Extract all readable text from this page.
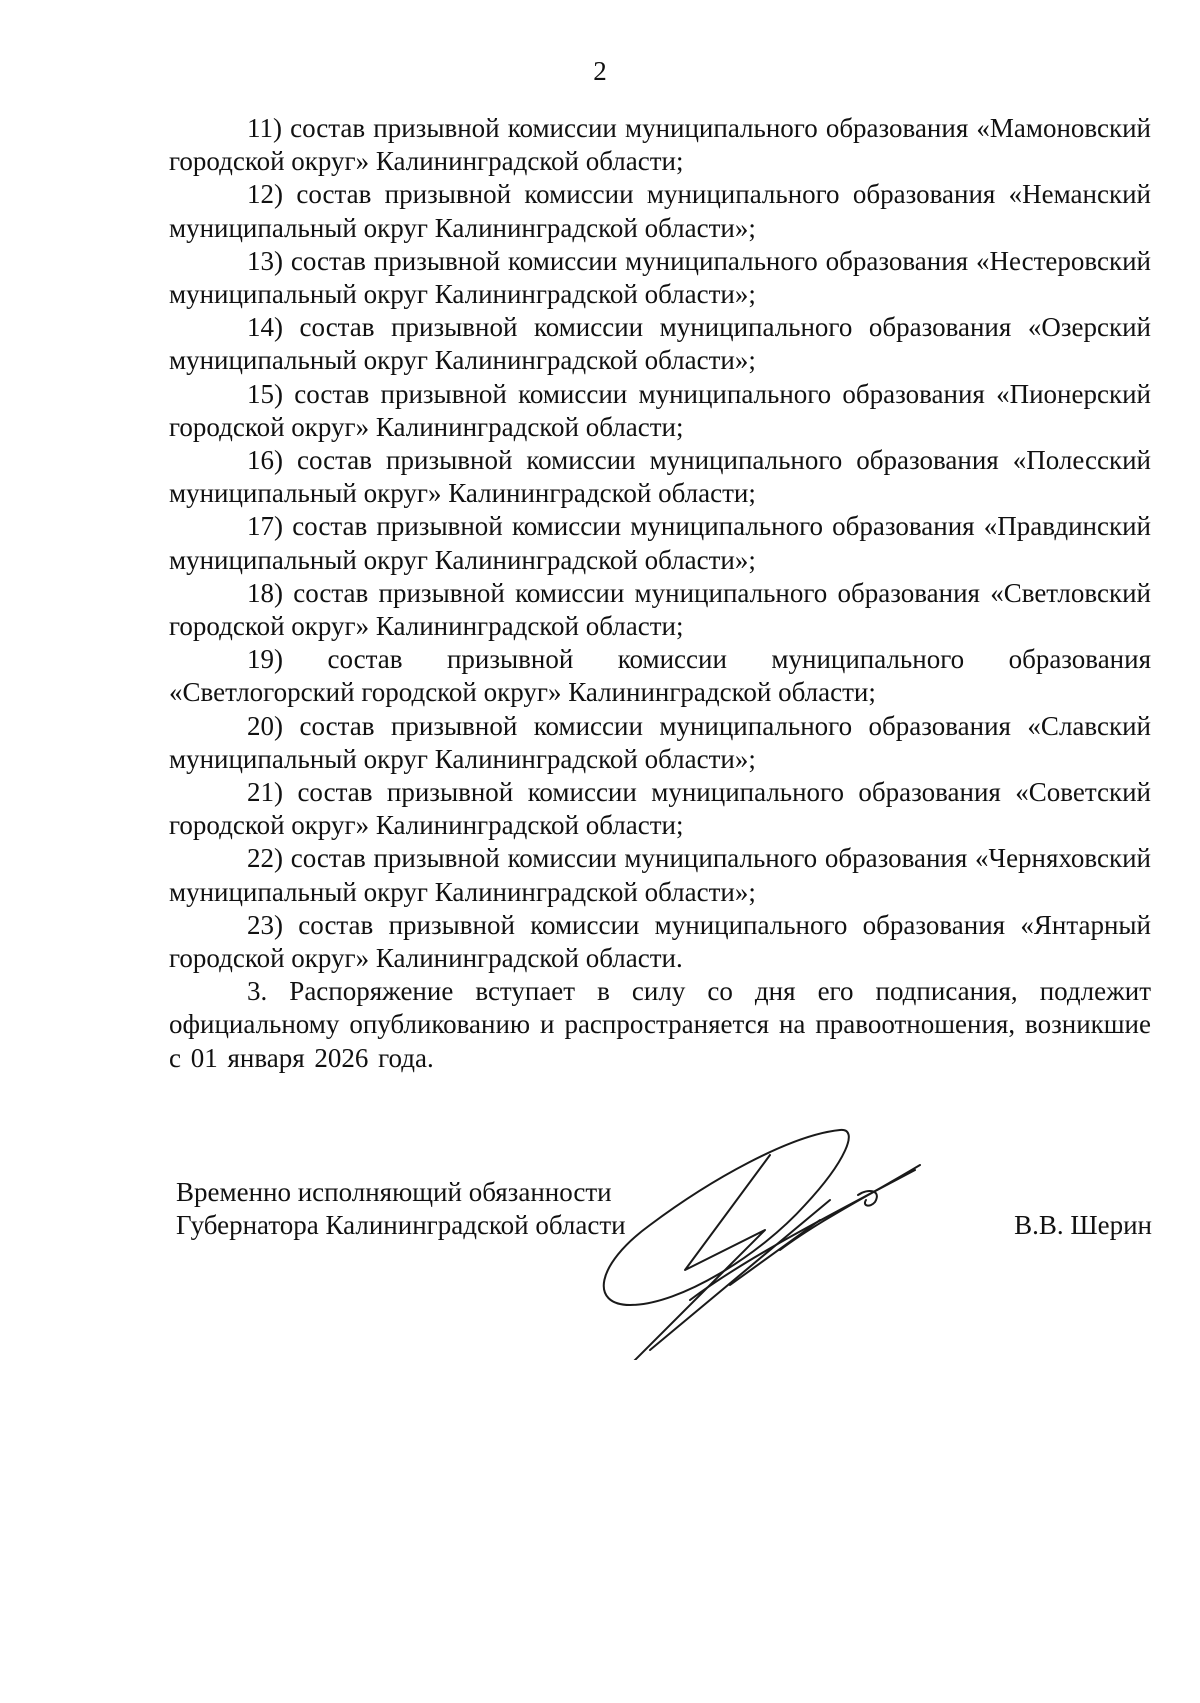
2

11) состав призывной комиссии муниципального образования «Мамоновский городской округ» Калининградской области;

12) состав призывной комиссии муниципального образования «Неманский муниципальный округ Калининградской области»;

13) состав призывной комиссии муниципального образования «Нестеровский муниципальный округ Калининградской области»;

14) состав призывной комиссии муниципального образования «Озерский муниципальный округ Калининградской области»;

15) состав призывной комиссии муниципального образования «Пионерский городской округ» Калининградской области;

16) состав призывной комиссии муниципального образования «Полесский муниципальный округ» Калининградской области;

17) состав призывной комиссии муниципального образования «Правдинский муниципальный округ Калининградской области»;

18) состав призывной комиссии муниципального образования «Светловский городской округ» Калининградской области;

19) состав призывной комиссии муниципального образования «Светлогорский городской округ» Калининградской области;

20) состав призывной комиссии муниципального образования «Славский муниципальный округ Калининградской области»;

21) состав призывной комиссии муниципального образования «Советский городской округ» Калининградской области;

22) состав призывной комиссии муниципального образования «Черняховский муниципальный округ Калининградской области»;

23) состав призывной комиссии муниципального образования «Янтарный городской округ» Калининградской области.

3. Распоряжение вступает в силу со дня его подписания, подлежит официальному опубликованию и распространяется на правоотношения, возникшие с 01 января 2026 года.

Временно исполняющий обязанности
Губернатора Калининградской области	В.В. Шерин
